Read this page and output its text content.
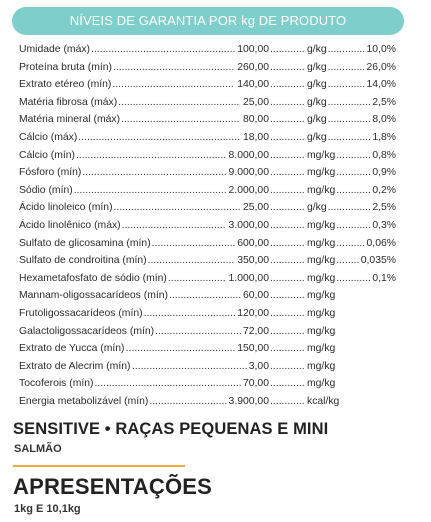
NÍVEIS DE GARANTIA POR kg DE PRODUTO
Umidade (máx) .................................................. 100,00 ............ g/kg ............. 10,0%
Proteína bruta (mín) .......................................... 260,00 ............ g/kg ............. 26,0%
Extrato etéreo (mín) .......................................... 140,00 ............ g/kg ............. 14,0%
Matéria fibrosa (máx) .......................................... 25,00 ............ g/kg ............... 2,5%
Matéria mineral (máx) ......................................... 80,00 ............ g/kg ............... 8,0%
Cálcio (máx) ........................................................ 18,00 ............ g/kg ............... 1,8%
Cálcio (mín) .................................................... 8.000,00 ............ mg/kg ............ 0,8%
Fósforo (mín) .................................................. 9.000,00 ............ mg/kg ............ 0,9%
Sódio (mín) ..................................................... 2.000,00 ............ mg/kg ............ 0,2%
Ácido linoleico (mín) ............................................ 25,00 ............ g/kg ............... 2,5%
Ácido linolênico (máx) .................................... 3.000,00 ............ mg/kg ............ 0,3%
Sulfato de glicosamina (mín) ............................. 600,00 ............ mg/kg .......... 0,06%
Sulfato de condroitina (mín) .............................. 350,00 ............ mg/kg ........ 0,035%
Hexametafosfato de sódio (mín) .................... 1.000,00 ............ mg/kg ............ 0,1%
Mannam-oligossacarídeos (mín) ......................... 60,00 ............ mg/kg
Frutoligossacarídeos (mín) ................................ 120,00 ............ mg/kg
Galactoligossacarídeos (mín) .............................. 72,00 ............ mg/kg
Extrato de Yucca (mín) ...................................... 150,00 ............ mg/kg
Extrato de Alecrim (mín) ........................................ 3,00 ............ mg/kg
Tocoferois (mín) ................................................... 70,00 ............ mg/kg
Energia metabolizável (mín) ........................... 3.900,00 ............ kcal/kg
SENSITIVE • RAÇAS PEQUENAS E MINI
SALMÃO
APRESENTAÇÕES
1kg E 10,1kg
